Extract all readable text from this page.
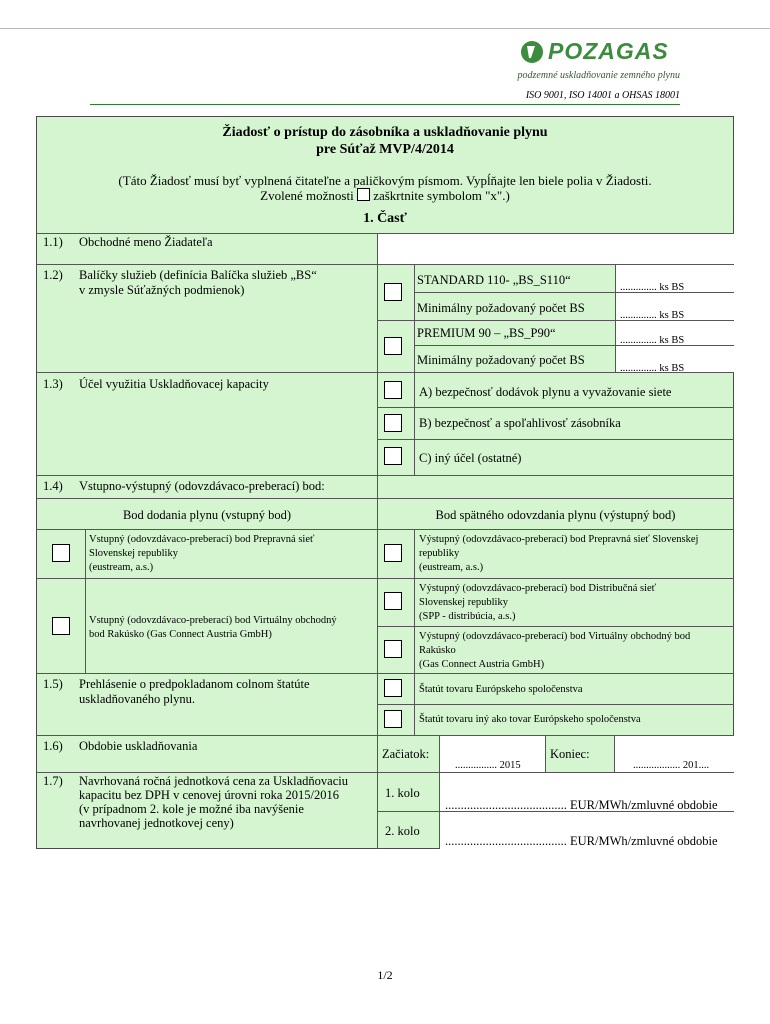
POZAGAS
podzemné uskladňovanie zemného plynu
ISO 9001, ISO 14001 a OHSAS 18001
Žiadosť o prístup do zásobníka a uskladňovanie plynu
pre Súťaž MVP/4/2014
(Táto Žiadosť musí byť vyplnená čitateľne a paličkovým písmom. Vypĺňajte len biele polia v Žiadosti.
Zvolené možnosti zaškrtnite symbolom "x".)
1. Časť
1.1) Obchodné meno Žiadateľa
1.2) Balíčky služieb (definícia Balíčka služieb „BS“
v zmysle Súťažných podmienok)
STANDARD 110- „BS_S110“
.............. ks BS
Minimálny požadovaný počet BS
.............. ks BS
PREMIUM 90 – „BS_P90“
.............. ks BS
Minimálny požadovaný počet BS
.............. ks BS
1.3) Účel využitia Uskladňovacej kapacity
A) bezpečnosť dodávok plynu a vyvažovanie siete
B) bezpečnosť a spoľahlivosť zásobníka
C) iný účel (ostatné)
1.4) Vstupno-výstupný (odovzdávaco-preberací) bod:
Bod dodania plynu (vstupný bod)	Bod spätného odovzdania plynu (výstupný bod)
Vstupný (odovzdávaco-preberací) bod Prepravná sieť
Slovenskej republiky
(eustream, a.s.)
Vstupný (odovzdávaco-preberací) bod Virtuálny obchodný
bod Rakúsko (Gas Connect Austria GmbH)
Výstupný (odovzdávaco-preberací) bod Prepravná sieť Slovenskej
republiky
(eustream, a.s.)
Výstupný (odovzdávaco-preberací) bod Distribučná sieť
Slovenskej republiky
(SPP - distribúcia, a.s.)
Výstupný (odovzdávaco-preberací) bod Virtuálny obchodný bod
Rakúsko
(Gas Connect Austria GmbH)
1.5) Prehlásenie o predpokladanom colnom štatúte
uskladňovaného plynu.
Štatút tovaru Európskeho spoločenstva
Štatút tovaru iný ako tovar Európskeho spoločenstva
1.6) Obdobie uskladňovania
Začiatok:
................ 2015
Koniec:
.................. 201....
1.7) Navrhovaná ročná jednotková cena za Uskladňovaciu
kapacitu bez DPH v cenovej úrovni roka 2015/2016
(v prípadnom 2. kole je možné iba navýšenie
navrhovanej jednotkovej ceny)
1. kolo
....................................... EUR/MWh/zmluvné obdobie
2. kolo
....................................... EUR/MWh/zmluvné obdobie
1/2
